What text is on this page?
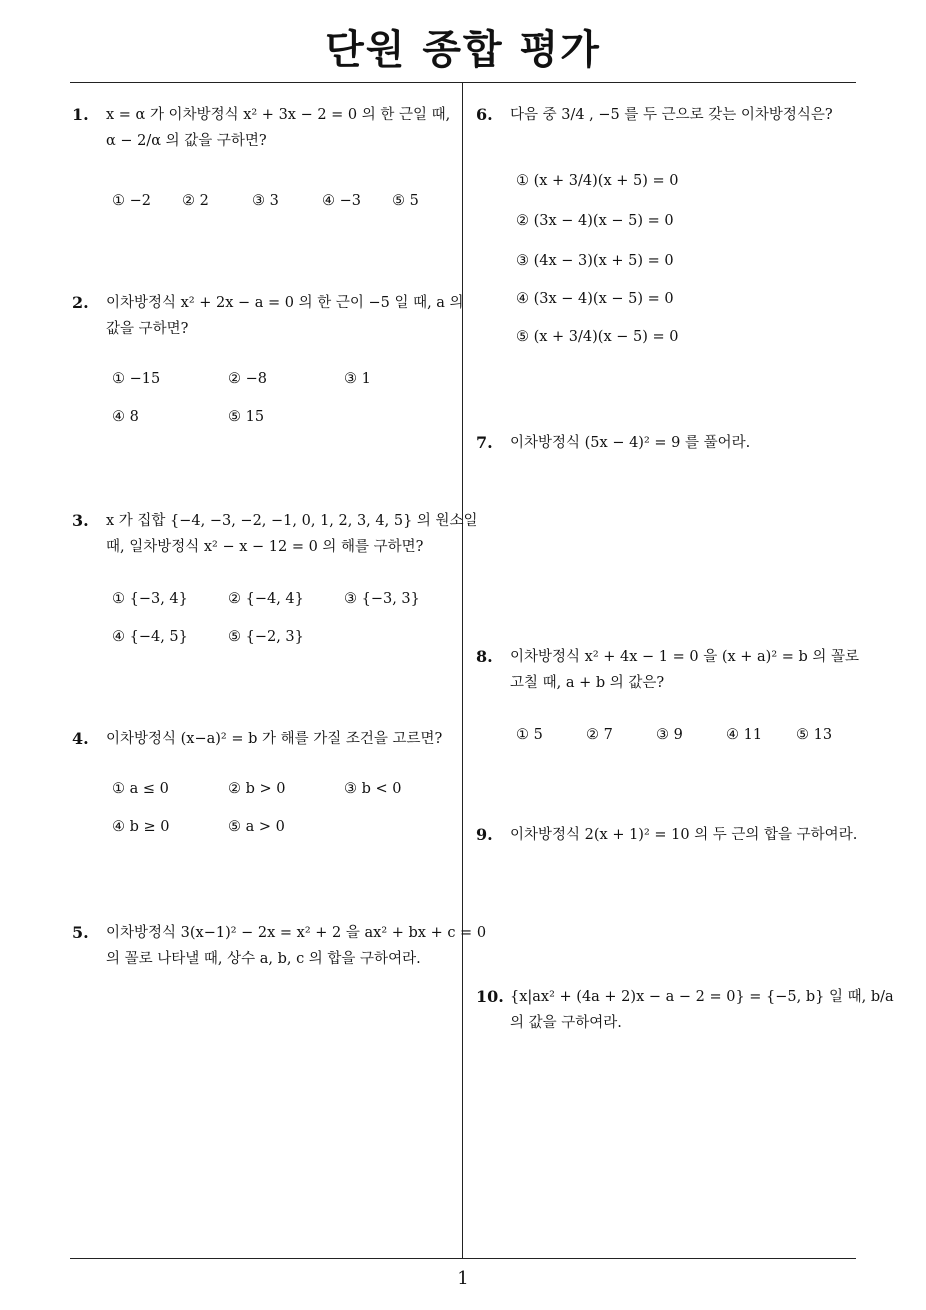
단원 종합 평가
1
1. x = α 가 이차방정식 x² + 3x − 2 = 0 의 한 근일 때,
α − 2/α 의 값을 구하면?
① −2 ② 2	③ 3	④ −3 ⑤ 5
2. 이차방정식 x² + 2x − a = 0 의 한 근이 −5 일 때, a 의
값을 구하면?
① −15	② −8	③ 1
④ 8	⑤ 15
3. x 가 집합 {−4, −3, −2, −1, 0, 1, 2, 3, 4, 5} 의 원소일
때, 일차방정식 x² − x − 12 = 0 의 해를 구하면?
① {−3, 4}	② {−4, 4}	③ {−3, 3}
④ {−4, 5}	⑤ {−2, 3}
4. 이차방정식 (x−a)² = b 가 해를 가질 조건을 고르면?
① a ≤ 0	② b > 0	③ b < 0
④ b ≥ 0	⑤ a > 0
5. 이차방정식 3(x−1)² − 2x = x² + 2 을 ax² + bx + c = 0
의 꼴로 나타낼 때, 상수 a, b, c 의 합을 구하여라.
6. 다음 중 3/4 , −5 를 두 근으로 갖는 이차방정식은?
① (x + 3/4)(x + 5) = 0
② (3x − 4)(x − 5) = 0
③ (4x − 3)(x + 5) = 0
④ (3x − 4)(x − 5) = 0
⑤ (x + 3/4)(x − 5) = 0
7. 이차방정식 (5x − 4)² = 9 를 풀어라.
8. 이차방정식 x² + 4x − 1 = 0 을 (x + a)² = b 의 꼴로
고칠 때, a + b 의 값은?
① 5	② 7	③ 9	④ 11 ⑤ 13
9. 이차방정식 2(x + 1)² = 10 의 두 근의 합을 구하여라.
10. {x|ax² + (4a + 2)x − a − 2 = 0} = {−5, b} 일 때, b/a
의 값을 구하여라.
